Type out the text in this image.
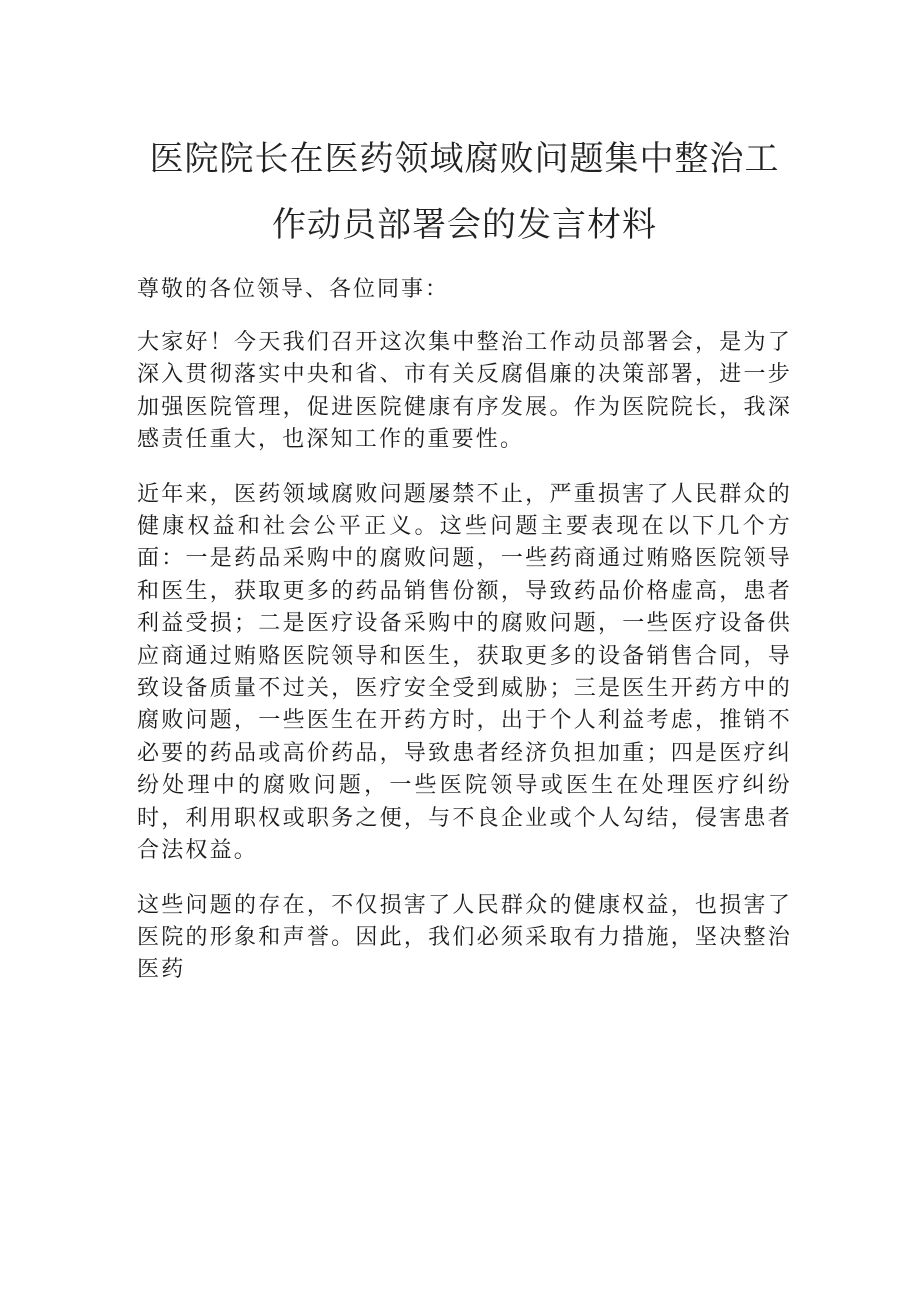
医院院长在医药领域腐败问题集中整治工
作动员部署会的发言材料

尊敬的各位领导、各位同事：

大家好！今天我们召开这次集中整治工作动员部署会，是为了深入贯彻落实中央和省、市有关反腐倡廉的决策部署，进一步加强医院管理，促进医院健康有序发展。作为医院院长，我深感责任重大，也深知工作的重要性。

近年来，医药领域腐败问题屡禁不止，严重损害了人民群众的健康权益和社会公平正义。这些问题主要表现在以下几个方面：一是药品采购中的腐败问题，一些药商通过贿赂医院领导和医生，获取更多的药品销售份额，导致药品价格虚高，患者利益受损；二是医疗设备采购中的腐败问题，一些医疗设备供应商通过贿赂医院领导和医生，获取更多的设备销售合同，导致设备质量不过关，医疗安全受到威胁；三是医生开药方中的腐败问题，一些医生在开药方时，出于个人利益考虑，推销不必要的药品或高价药品，导致患者经济负担加重；四是医疗纠纷处理中的腐败问题，一些医院领导或医生在处理医疗纠纷时，利用职权或职务之便，与不良企业或个人勾结，侵害患者合法权益。

这些问题的存在，不仅损害了人民群众的健康权益，也损害了医院的形象和声誉。因此，我们必须采取有力措施，坚决整治医药
